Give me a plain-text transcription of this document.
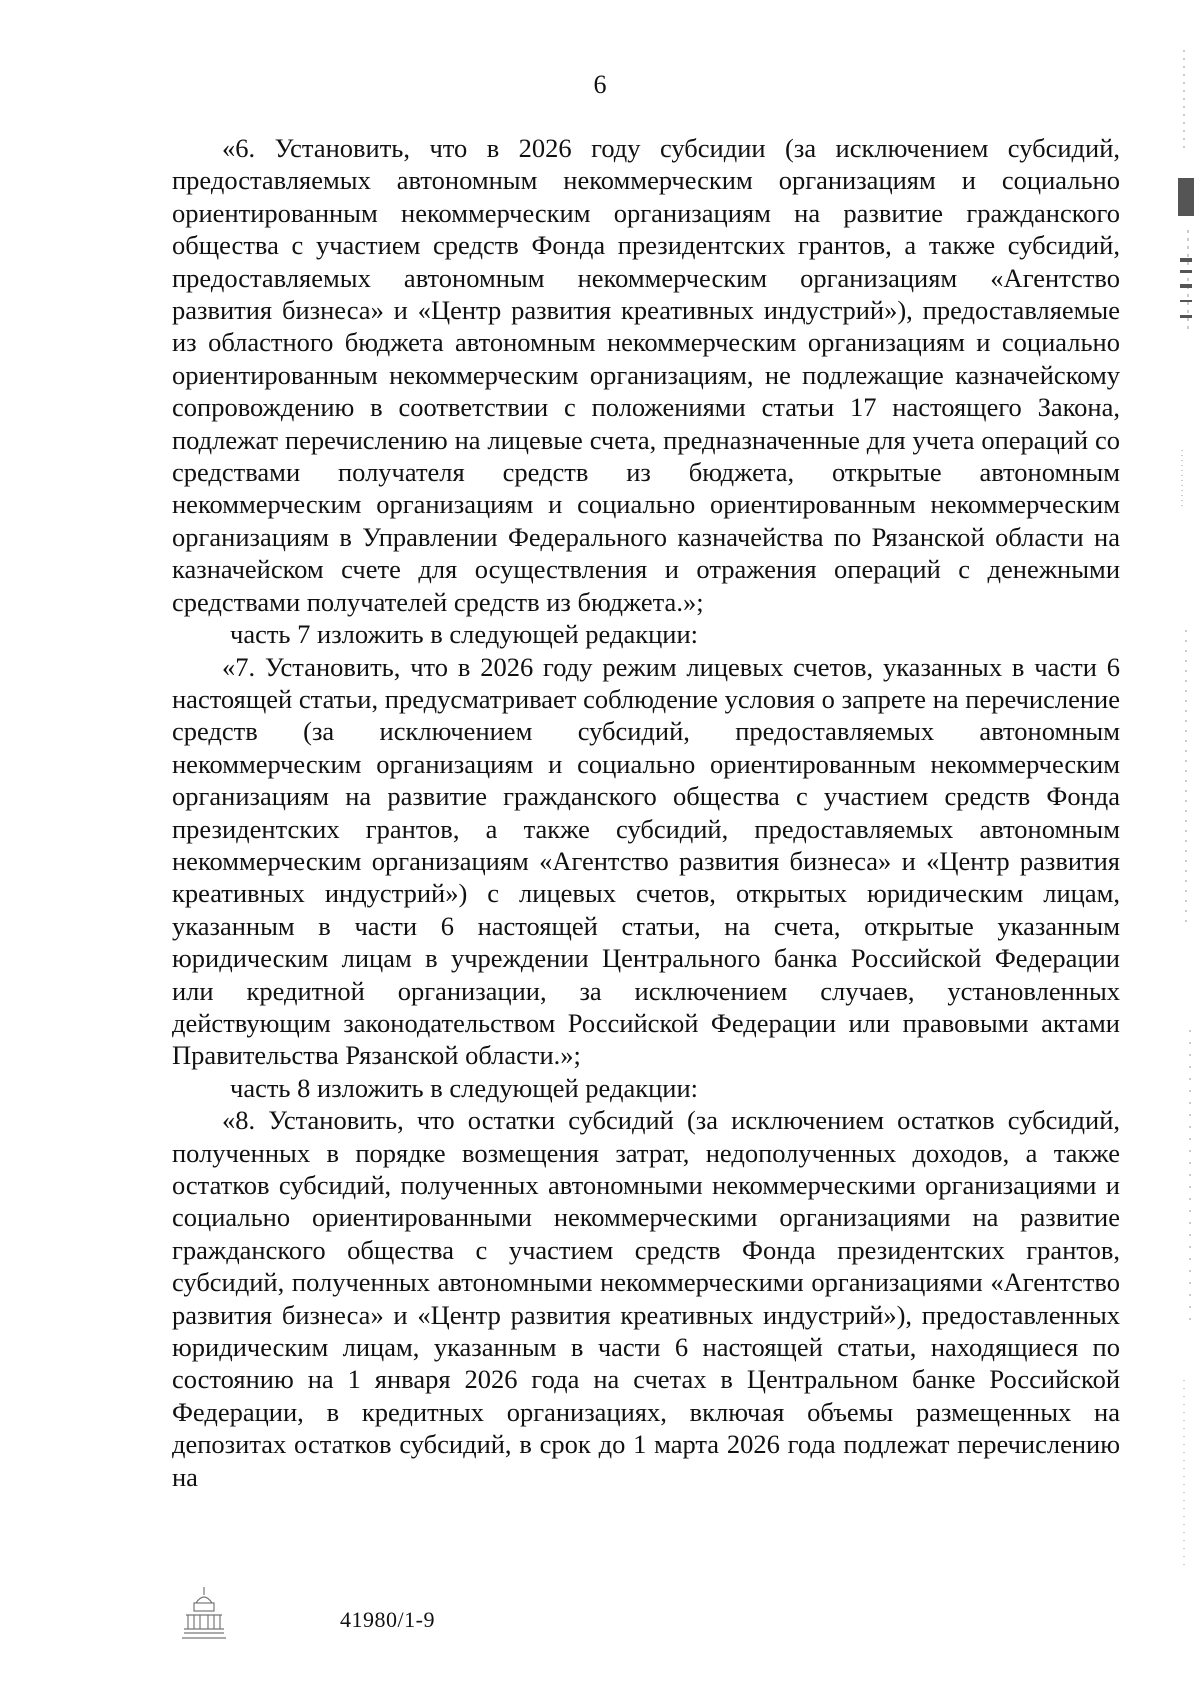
6

«6. Установить, что в 2026 году субсидии (за исключением субсидий, предоставляемых автономным некоммерческим организациям и социально ориентированным некоммерческим организациям на развитие гражданского общества с участием средств Фонда президентских грантов, а также субсидий, предоставляемых автономным некоммерческим организациям «Агентство развития бизнеса» и «Центр развития креативных индустрий»), предоставляемые из областного бюджета автономным некоммерческим организациям и социально ориентированным некоммерческим организациям, не подлежащие казначейскому сопровождению в соответствии с положениями статьи 17 настоящего Закона, подлежат перечислению на лицевые счета, предназначенные для учета операций со средствами получателя средств из бюджета, открытые автономным некоммерческим организациям и социально ориентированным некоммерческим организациям в Управлении Федерального казначейства по Рязанской области на казначейском счете для осуществления и отражения операций с денежными средствами получателей средств из бюджета.»;

часть 7 изложить в следующей редакции:

«7. Установить, что в 2026 году режим лицевых счетов, указанных в части 6 настоящей статьи, предусматривает соблюдение условия о запрете на перечисление средств (за исключением субсидий, предоставляемых автономным некоммерческим организациям и социально ориентированным некоммерческим организациям на развитие гражданского общества с участием средств Фонда президентских грантов, а также субсидий, предоставляемых автономным некоммерческим организациям «Агентство развития бизнеса» и «Центр развития креативных индустрий») с лицевых счетов, открытых юридическим лицам, указанным в части 6 настоящей статьи, на счета, открытые указанным юридическим лицам в учреждении Центрального банка Российской Федерации или кредитной организации, за исключением случаев, установленных действующим законодательством Российской Федерации или правовыми актами Правительства Рязанской области.»;

часть 8 изложить в следующей редакции:

«8. Установить, что остатки субсидий (за исключением остатков субсидий, полученных в порядке возмещения затрат, недополученных доходов, а также остатков субсидий, полученных автономными некоммерческими организациями и социально ориентированными некоммерческими организациями на развитие гражданского общества с участием средств Фонда президентских грантов, субсидий, полученных автономными некоммерческими организациями «Агентство развития бизнеса» и «Центр развития креативных индустрий»), предоставленных юридическим лицам, указанным в части 6 настоящей статьи, находящиеся по состоянию на 1 января 2026 года на счетах в Центральном банке Российской Федерации, в кредитных организациях, включая объемы размещенных на депозитах остатков субсидий, в срок до 1 марта 2026 года подлежат перечислению на

41980/1-9
